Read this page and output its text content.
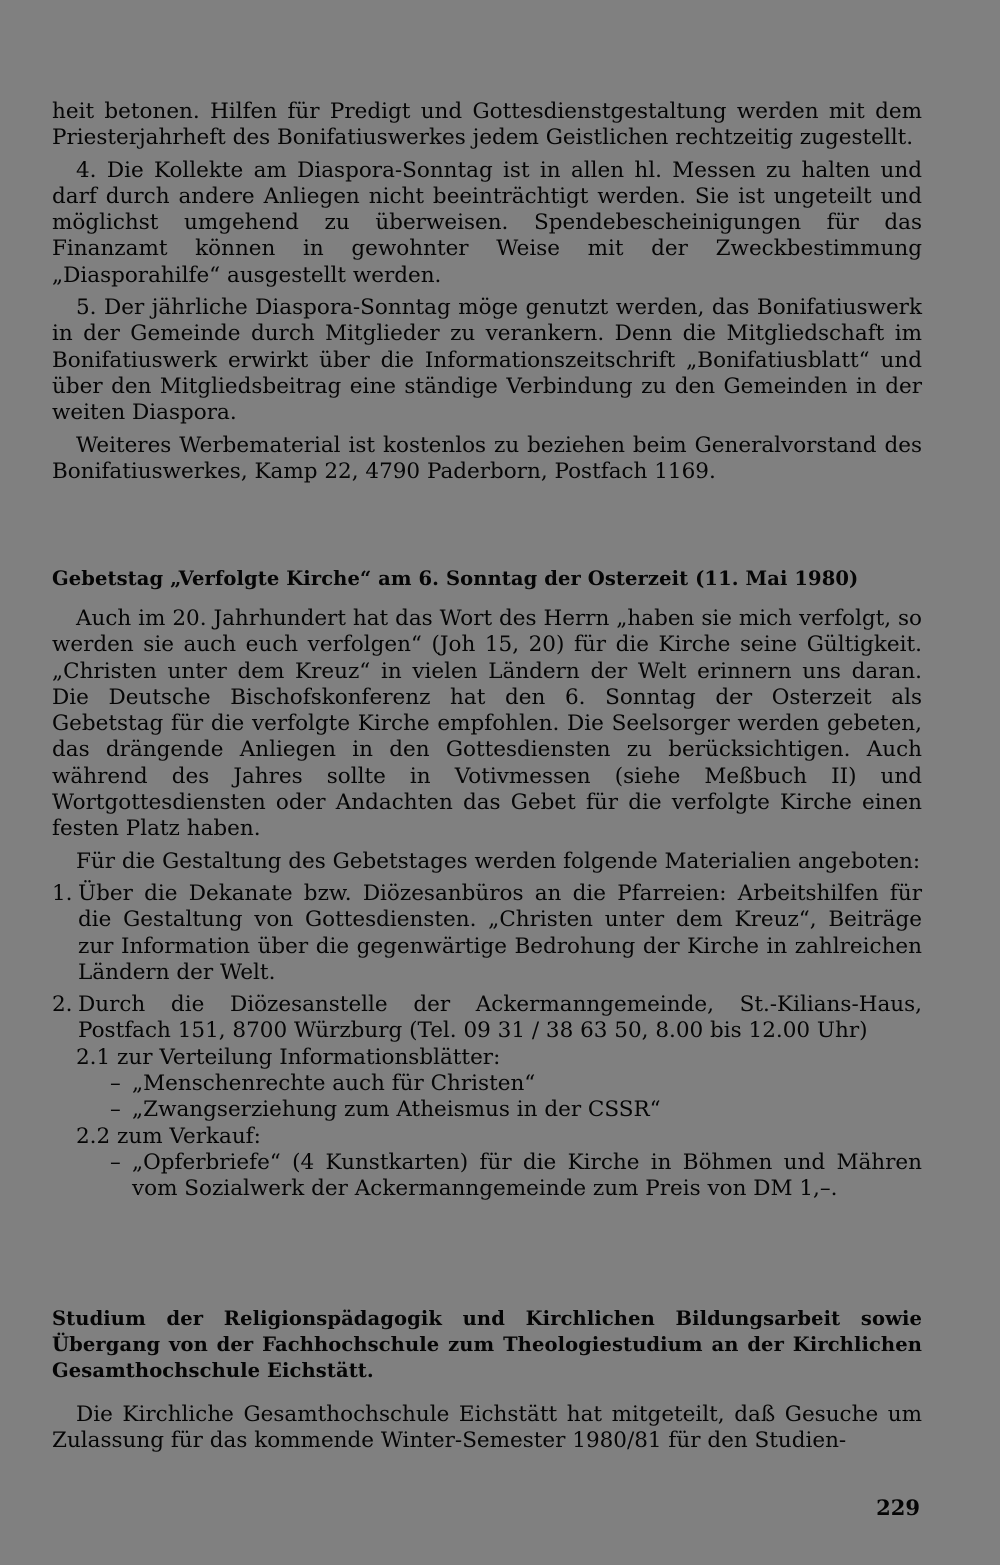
heit betonen. Hilfen für Predigt und Gottesdienstgestaltung werden mit dem Priesterjahrheft des Bonifatiuswerkes jedem Geistlichen rechtzeitig zugestellt.

4. Die Kollekte am Diaspora-Sonntag ist in allen hl. Messen zu halten und darf durch andere Anliegen nicht beeinträchtigt werden. Sie ist ungeteilt und möglichst umgehend zu überweisen. Spendebescheinigungen für das Finanzamt können in gewohnter Weise mit der Zweckbestimmung „Diasporahilfe“ ausgestellt werden.

5. Der jährliche Diaspora-Sonntag möge genutzt werden, das Bonifatiuswerk in der Gemeinde durch Mitglieder zu verankern. Denn die Mitgliedschaft im Bonifatiuswerk erwirkt über die Informationszeitschrift „Bonifatiusblatt“ und über den Mitgliedsbeitrag eine ständige Verbindung zu den Gemeinden in der weiten Diaspora.

Weiteres Werbematerial ist kostenlos zu beziehen beim Generalvorstand des Bonifatiuswerkes, Kamp 22, 4790 Paderborn, Postfach 1169.

Gebetstag „Verfolgte Kirche“ am 6. Sonntag der Osterzeit (11. Mai 1980)

Auch im 20. Jahrhundert hat das Wort des Herrn „haben sie mich verfolgt, so werden sie auch euch verfolgen“ (Joh 15, 20) für die Kirche seine Gültigkeit. „Christen unter dem Kreuz“ in vielen Ländern der Welt erinnern uns daran. Die Deutsche Bischofskonferenz hat den 6. Sonntag der Osterzeit als Gebetstag für die verfolgte Kirche empfohlen. Die Seelsorger werden gebeten, das drängende Anliegen in den Gottesdiensten zu berücksichtigen. Auch während des Jahres sollte in Votivmessen (siehe Meßbuch II) und Wortgottesdiensten oder Andachten das Gebet für die verfolgte Kirche einen festen Platz haben.

Für die Gestaltung des Gebetstages werden folgende Materialien angeboten:

1. Über die Dekanate bzw. Diözesanbüros an die Pfarreien: Arbeitshilfen für die Gestaltung von Gottesdiensten. „Christen unter dem Kreuz“, Beiträge zur Information über die gegenwärtige Bedrohung der Kirche in zahlreichen Ländern der Welt.
2. Durch die Diözesanstelle der Ackermanngemeinde, St.-Kilians-Haus, Postfach 151, 8700 Würzburg (Tel. 09 31 / 38 63 50, 8.00 bis 12.00 Uhr)
2.1 zur Verteilung Informationsblätter:
– „Menschenrechte auch für Christen“
– „Zwangserziehung zum Atheismus in der CSSR“
2.2 zum Verkauf:
– „Opferbriefe“ (4 Kunstkarten) für die Kirche in Böhmen und Mähren vom Sozialwerk der Ackermanngemeinde zum Preis von DM 1,–.
Studium der Religionspädagogik und Kirchlichen Bildungsarbeit sowie Übergang von der Fachhochschule zum Theologiestudium an der Kirchlichen Gesamthochschule Eichstätt.

Die Kirchliche Gesamthochschule Eichstätt hat mitgeteilt, daß Gesuche um Zulassung für das kommende Winter-Semester 1980/81 für den Studien-

229
